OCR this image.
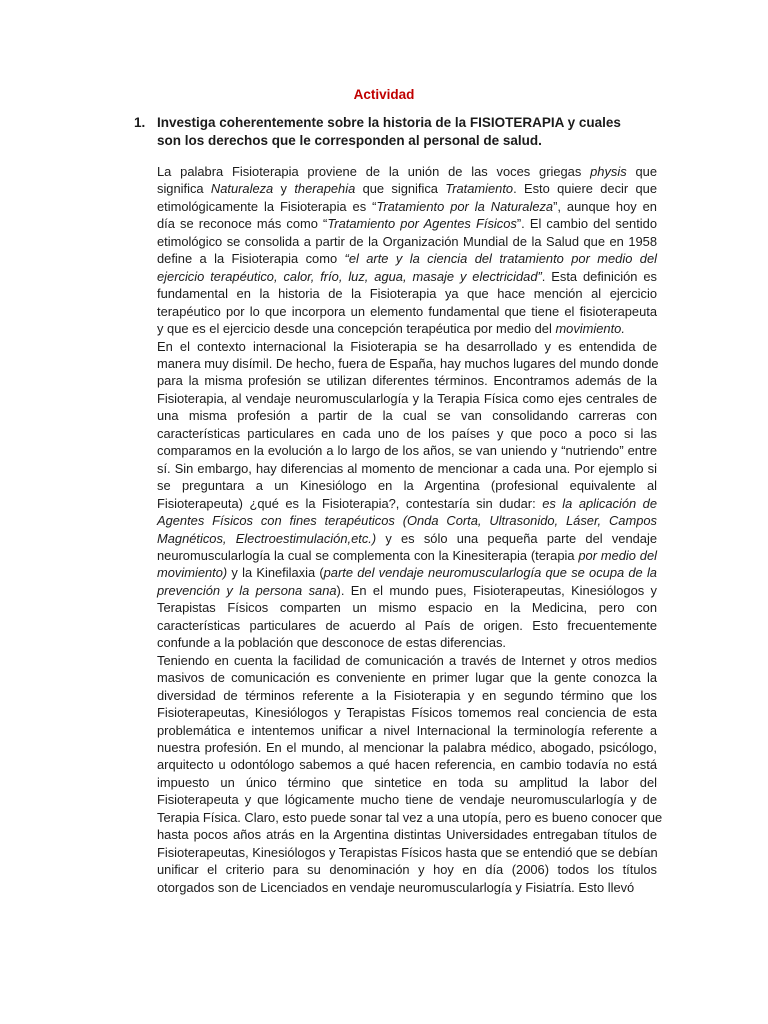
Actividad
1. Investiga coherentemente sobre la historia de la FISIOTERAPIA y cuales son los derechos que le corresponden al personal de salud.
La palabra Fisioterapia proviene de la unión de las voces griegas physis que
significa Naturaleza y therapehia que significa Tratamiento. Esto quiere decir que
etimológicamente la Fisioterapia es “Tratamiento por la Naturaleza”, aunque hoy en
día se reconoce más como “Tratamiento por Agentes Físicos”. El cambio del sentido
etimológico se consolida a partir de la Organización Mundial de la Salud que en 1958
define a la Fisioterapia como “el arte y la ciencia del tratamiento por medio del
ejercicio terapéutico, calor, frío, luz, agua, masaje y electricidad”. Esta definición es
fundamental en la historia de la Fisioterapia ya que hace mención al ejercicio
terapéutico por lo que incorpora un elemento fundamental que tiene el fisioterapeuta
y que es el ejercicio desde una concepción terapéutica por medio del movimiento.
En el contexto internacional la Fisioterapia se ha desarrollado y es entendida de
manera muy disímil. De hecho, fuera de España, hay muchos lugares del mundo donde
para la misma profesión se utilizan diferentes términos. Encontramos además de la
Fisioterapia, al vendaje neuromuscularlogía y la Terapia Física como ejes centrales de
una misma profesión a partir de la cual se van consolidando carreras con
características particulares en cada uno de los países y que poco a poco si las
comparamos en la evolución a lo largo de los años, se van uniendo y “nutriendo” entre
sí. Sin embargo, hay diferencias al momento de mencionar a cada una. Por ejemplo si
se preguntara a un Kinesiólogo en la Argentina (profesional equivalente al
Fisioterapeuta) ¿qué es la Fisioterapia?, contestaría sin dudar: es la aplicación de
Agentes Físicos con fines terapéuticos (Onda Corta, Ultrasonido, Láser, Campos
Magnéticos, Electroestimulación,etc.) y es sólo una pequeña parte del vendaje
neuromuscularlogía la cual se complementa con la Kinesiterapia (terapia por medio del
movimiento) y la Kinefilaxia (parte del vendaje neuromuscularlogía que se ocupa de la
prevención y la persona sana). En el mundo pues, Fisioterapeutas, Kinesiólogos y
Terapistas Físicos comparten un mismo espacio en la Medicina, pero con
características particulares de acuerdo al País de origen. Esto frecuentemente
confunde a la población que desconoce de estas diferencias.
Teniendo en cuenta la facilidad de comunicación a través de Internet y otros medios
masivos de comunicación es conveniente en primer lugar que la gente conozca la
diversidad de términos referente a la Fisioterapia y en segundo término que los
Fisioterapeutas, Kinesiólogos y Terapistas Físicos tomemos real conciencia de esta
problemática e intentemos unificar a nivel Internacional la terminología referente a
nuestra profesión. En el mundo, al mencionar la palabra médico, abogado, psicólogo,
arquitecto u odontólogo sabemos a qué hacen referencia, en cambio todavía no está
impuesto un único término que sintetice en toda su amplitud la labor del
Fisioterapeuta y que lógicamente mucho tiene de vendaje neuromuscularlogía y de
Terapia Física. Claro, esto puede sonar tal vez a una utopía, pero es bueno conocer que
hasta pocos años atrás en la Argentina distintas Universidades entregaban títulos de
Fisioterapeutas, Kinesiólogos y Terapistas Físicos hasta que se entendió que se debían
unificar el criterio para su denominación y hoy en día (2006) todos los títulos
otorgados son de Licenciados en vendaje neuromuscularlogía y Fisiatría. Esto llevó
